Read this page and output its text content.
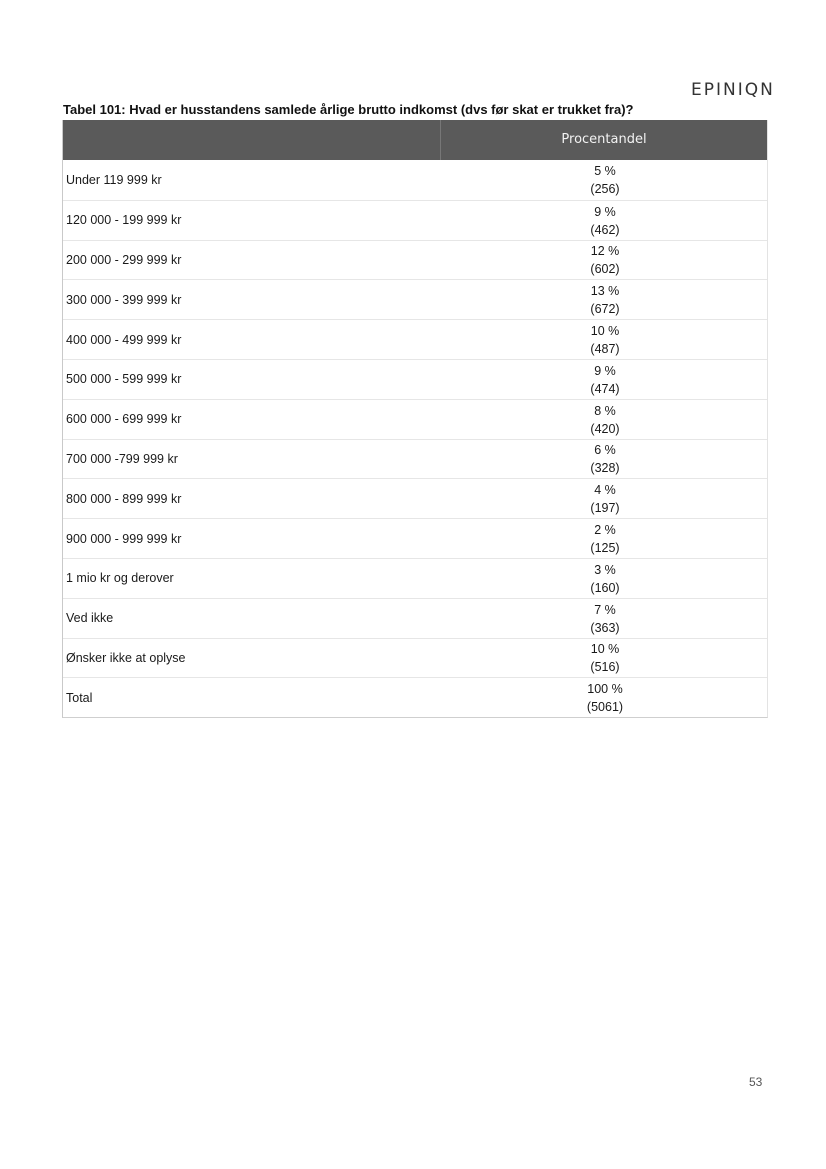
EPINIQN
Tabel 101: Hvad er husstandens samlede årlige brutto indkomst (dvs før skat er trukket fra)?
Procentandel
Under 119 999 kr
5 %
(256)
120 000 - 199 999 kr
9 %
(462)
200 000 - 299 999 kr
12 %
(602)
300 000 - 399 999 kr
13 %
(672)
400 000 - 499 999 kr
10 %
(487)
500 000 - 599 999 kr
9 %
(474)
600 000 - 699 999 kr
8 %
(420)
700 000 -799 999 kr
6 %
(328)
800 000 - 899 999 kr
4 %
(197)
900 000 - 999 999 kr
2 %
(125)
1 mio kr og derover
3 %
(160)
Ved ikke
7 %
(363)
Ønsker ikke at oplyse
10 %
(516)
Total
100 %
(5061)
53
